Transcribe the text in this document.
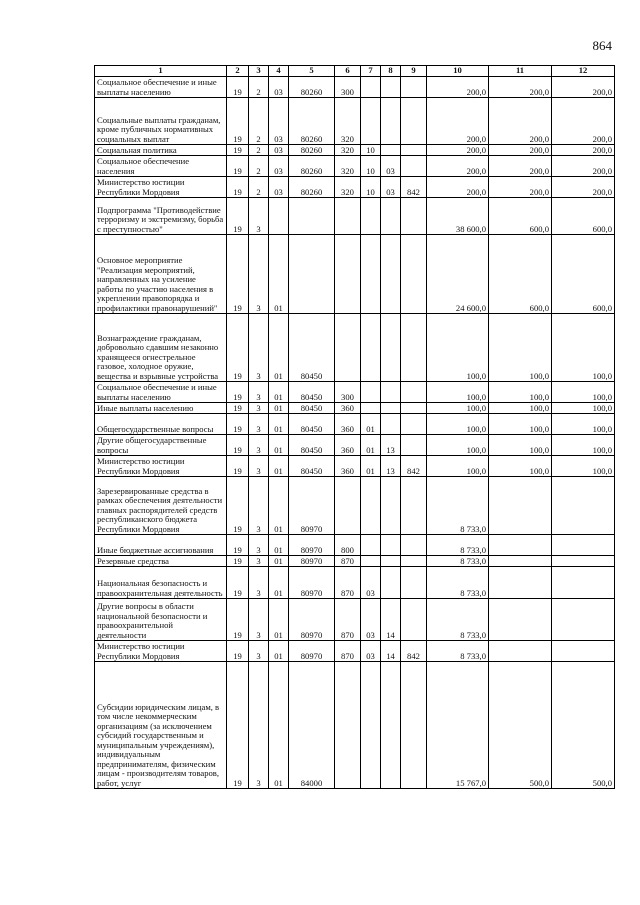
864
1	2	3	4	5	6	7	8	9	10	11	12
Социальное обеспечение и иные выплаты населению	19	2	03	80260	300				200,0	200,0	200,0
Социальные выплаты гражданам, кроме публичных нормативных социальных выплат	19	2	03	80260	320				200,0	200,0	200,0
Социальная политика	19	2	03	80260	320	10			200,0	200,0	200,0
Социальное обеспечение населения	19	2	03	80260	320	10	03		200,0	200,0	200,0
Министерство юстиции Республики Мордовия	19	2	03	80260	320	10	03	842	200,0	200,0	200,0
Подпрограмма "Противодействие терроризму и экстремизму, борьба с преступностью"	19	3							38 600,0	600,0	600,0
Основное мероприятие "Реализация мероприятий, направленных на усиление работы по участию населения в укреплении правопорядка и профилактики правонарушений"	19	3	01						24 600,0	600,0	600,0
Вознаграждение гражданам, добровольно сдавшим незаконно хранящееся огнестрельное газовое, холодное оружие, вещества и взрывные устройства	19	3	01	80450					100,0	100,0	100,0
Социальное обеспечение и иные выплаты населению	19	3	01	80450	300				100,0	100,0	100,0
Иные выплаты населению	19	3	01	80450	360				100,0	100,0	100,0
Общегосударственные вопросы	19	3	01	80450	360	01			100,0	100,0	100,0
Другие общегосударственные вопросы	19	3	01	80450	360	01	13		100,0	100,0	100,0
Министерство юстиции Республики Мордовия	19	3	01	80450	360	01	13	842	100,0	100,0	100,0
Зарезервированные средства в рамках обеспечения деятельности главных распорядителей средств республиканского бюджета Республики Мордовия	19	3	01	80970					8 733,0		
Иные бюджетные ассигнования	19	3	01	80970	800				8 733,0		
Резервные средства	19	3	01	80970	870				8 733,0		
Национальная безопасность и правоохранительная деятельность	19	3	01	80970	870	03			8 733,0		
Другие вопросы в области национальной безопасности и правоохранительной деятельности	19	3	01	80970	870	03	14		8 733,0		
Министерство юстиции Республики Мордовия	19	3	01	80970	870	03	14	842	8 733,0		
Субсидии юридическим лицам, в том числе некоммерческим организациям (за исключением субсидий государственным и муниципальным учреждениям), индивидуальным предпринимателям, физическим лицам - производителям товаров, работ, услуг	19	3	01	84000					15 767,0	500,0	500,0
